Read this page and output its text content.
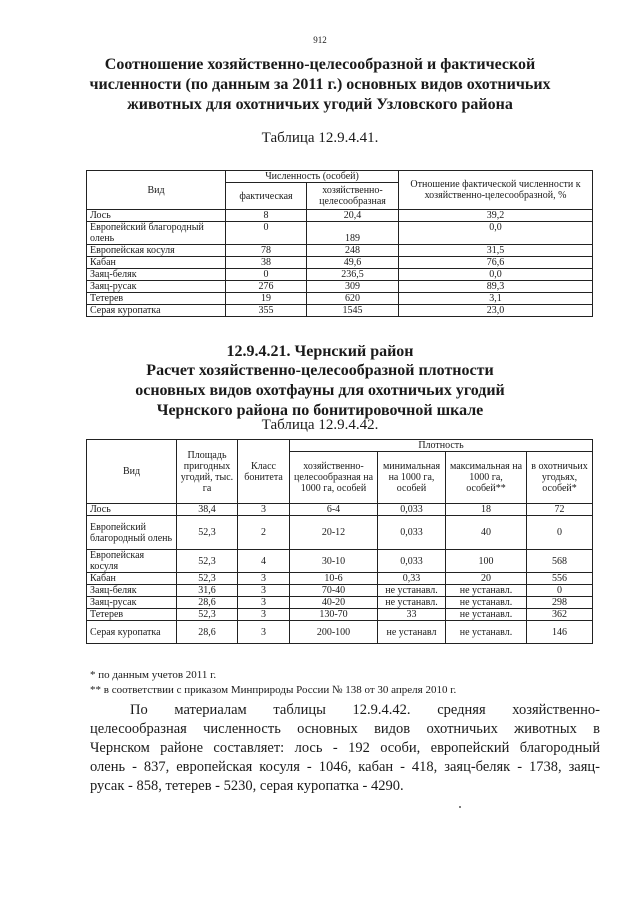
912
Соотношение хозяйственно-целесообразной и фактической численности (по данным за 2011 г.) основных видов охотничьих животных для охотничьих угодий Узловского района
Таблица 12.9.4.41.
Вид	Численность (особей)		Отношение фактической численности к хозяйственно-целесообразной, %
	фактическая	хозяйственно-целесообразная	
Лось	8	20,4	39,2
Европейский благородный олень	0	189	0,0
Европейская косуля	78	248	31,5
Кабан	38	49,6	76,6
Заяц-беляк	0	236,5	0,0
Заяц-русак	276	309	89,3
Тетерев	19	620	3,1
Серая куропатка	355	1545	23,0
12.9.4.21. Чернский район
Расчет хозяйственно-целесообразной плотности основных видов охотфауны для охотничьих угодий Чернского района по бонитировочной шкале
Таблица 12.9.4.42.
Вид	Площадь пригодных угодий, тыс. га	Класс бонитета	Плотность			
			хозяйственно-целесообразная на 1000 га, особей	минимальная на 1000 га, особей	максимальная на 1000 га, особей**	в охотничьих угодьях, особей*
Лось	38,4	3	6-4	0,033	18	72
Европейский благородный олень	52,3	2	20-12	0,033	40	0
Европейская косуля	52,3	4	30-10	0,033	100	568
Кабан	52,3	3	10-6	0,33	20	556
Заяц-беляк	31,6	3	70-40	не устанавл.	не устанавл.	0
Заяц-русак	28,6	3	40-20	не устанавл.	не устанавл.	298
Тетерев	52,3	3	130-70	33	не устанавл.	362
Серая куропатка	28,6	3	200-100	не устанавл	не устанавл.	146
* по данным учетов 2011 г.
** в соответствии с приказом Минприроды России № 138 от 30 апреля 2010 г.

По материалам таблицы 12.9.4.42. средняя хозяйственно-

целесообразная численность основных видов охотничьих животных в

Чернском районе составляет: лось - 192 особи, европейский благородный

олень - 837, европейская косуля - 1046, кабан - 418, заяц-беляк - 1738, заяц-

русак - 858, тетерев - 5230, серая куропатка - 4290.
